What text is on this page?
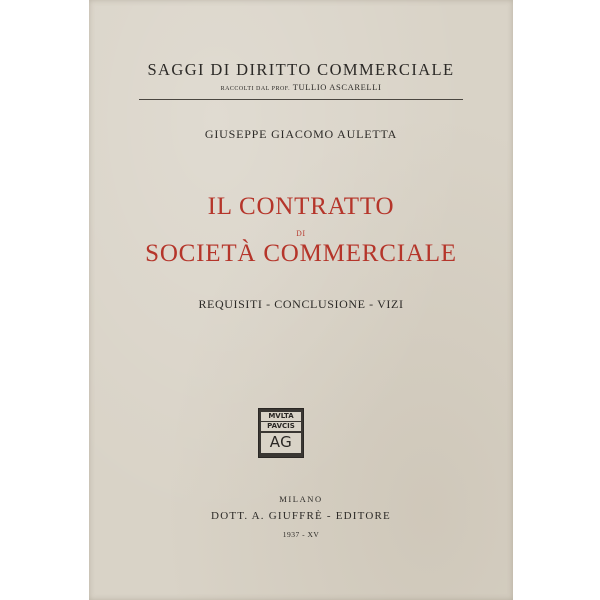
SAGGI DI DIRITTO COMMERCIALE
RACCOLTI DAL PROF. TULLIO ASCARELLI
GIUSEPPE GIACOMO AULETTA
IL CONTRATTO
DI
SOCIETÀ COMMERCIALE
REQUISITI - CONCLUSIONE - VIZI
MVLTA
PAVCIS
AG
MILANO
DOTT. A. GIUFFRÈ - EDITORE
1937 - XV
